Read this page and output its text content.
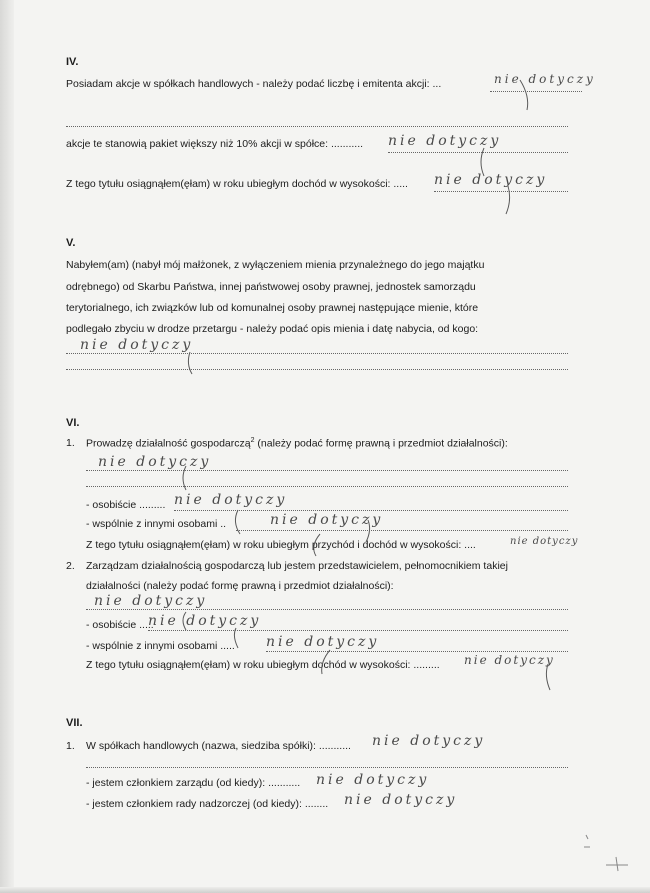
IV.
Posiadam akcje w spółkach handlowych - należy podać liczbę i emitenta akcji: ...	nie dotyczy
akcje te stanowią pakiet większy niż 10% akcji w spółce: ........... nie dotyczy
Z tego tytułu osiągnąłem(ęłam) w roku ubiegłym dochód w wysokości: ..... nie dotyczy
V.
Nabyłem(am) (nabył mój małżonek, z wyłączeniem mienia przynależnego do jego majątku
odrębnego) od Skarbu Państwa, innej państwowej osoby prawnej, jednostek samorządu
terytorialnego, ich związków lub od komunalnej osoby prawnej następujące mienie, które
podlegało zbyciu w drodze przetargu - należy podać opis mienia i datę nabycia, od kogo:
nie dotyczy
VI.
1. Prowadzę działalność gospodarczą$^2$ (należy podać formę prawną i przedmiot działalności):
nie dotyczy
- osobiście ......... nie dotyczy
- wspólnie z innymi osobami ..	nie dotyczy
Z tego tytułu osiągnąłem(ęłam) w roku ubiegłym przychód i dochód w wysokości: ....	nie dotyczy
2. Zarządzam działalnością gospodarczą lub jestem przedstawicielem, pełnomocnikiem takiej
działalności (należy podać formę prawną i przedmiot działalności):
nie dotyczy
- osobiście .....
nie dotyczy
- wspólnie z innymi osobami ..... nie dotyczy
Z tego tytułu osiągnąłem(ęłam) w roku ubiegłym dochód w wysokości: ......... nie dotyczy
VII.
1. W spółkach handlowych (nazwa, siedziba spółki): ........... nie dotyczy
- jestem członkiem zarządu (od kiedy): ........... nie dotyczy
- jestem członkiem rady nadzorczej (od kiedy): ........ nie dotyczy
